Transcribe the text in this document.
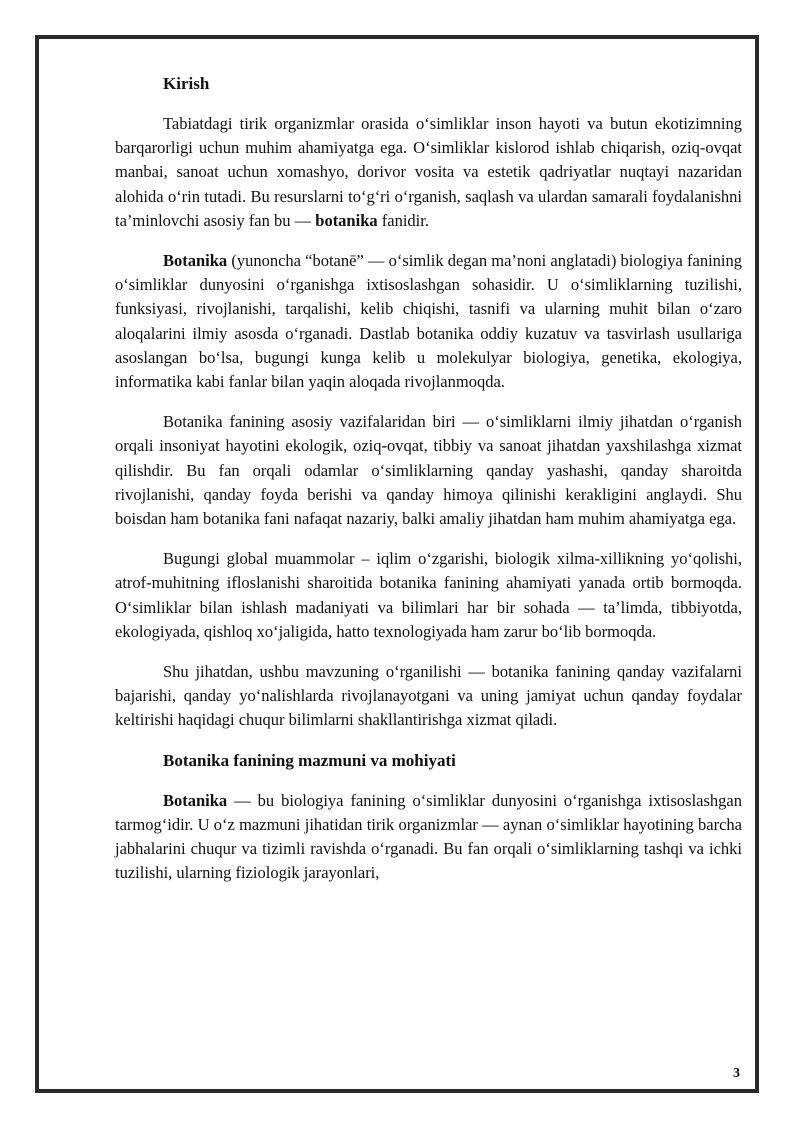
Kirish

Tabiatdagi tirik organizmlar orasida o‘simliklar inson hayoti va butun ekotizimning barqarorligi uchun muhim ahamiyatga ega. O‘simliklar kislorod ishlab chiqarish, oziq-ovqat manbai, sanoat uchun xomashyo, dorivor vosita va estetik qadriyatlar nuqtayi nazaridan alohida o‘rin tutadi. Bu resurslarni to‘g‘ri o‘rganish, saqlash va ulardan samarali foydalanishni ta’minlovchi asosiy fan bu — botanika fanidir.

Botanika (yunoncha “botanē” — o‘simlik degan ma’noni anglatadi) biologiya fanining o‘simliklar dunyosini o‘rganishga ixtisoslashgan sohasidir. U o‘simliklarning tuzilishi, funksiyasi, rivojlanishi, tarqalishi, kelib chiqishi, tasnifi va ularning muhit bilan o‘zaro aloqalarini ilmiy asosda o‘rganadi. Dastlab botanika oddiy kuzatuv va tasvirlash usullariga asoslangan bo‘lsa, bugungi kunga kelib u molekulyar biologiya, genetika, ekologiya, informatika kabi fanlar bilan yaqin aloqada rivojlanmoqda.

Botanika fanining asosiy vazifalaridan biri — o‘simliklarni ilmiy jihatdan o‘rganish orqali insoniyat hayotini ekologik, oziq-ovqat, tibbiy va sanoat jihatdan yaxshilashga xizmat qilishdir. Bu fan orqali odamlar o‘simliklarning qanday yashashi, qanday sharoitda rivojlanishi, qanday foyda berishi va qanday himoya qilinishi kerakligini anglaydi. Shu boisdan ham botanika fani nafaqat nazariy, balki amaliy jihatdan ham muhim ahamiyatga ega.

Bugungi global muammolar – iqlim o‘zgarishi, biologik xilma-xillikning yo‘qolishi, atrof-muhitning ifloslanishi sharoitida botanika fanining ahamiyati yanada ortib bormoqda. O‘simliklar bilan ishlash madaniyati va bilimlari har bir sohada — ta’limda, tibbiyotda, ekologiyada, qishloq xo‘jaligida, hatto texnologiyada ham zarur bo‘lib bormoqda.

Shu jihatdan, ushbu mavzuning o‘rganilishi — botanika fanining qanday vazifalarni bajarishi, qanday yo‘nalishlarda rivojlanayotgani va uning jamiyat uchun qanday foydalar keltirishi haqidagi chuqur bilimlarni shakllantirishga xizmat qiladi.

Botanika fanining mazmuni va mohiyati

Botanika — bu biologiya fanining o‘simliklar dunyosini o‘rganishga ixtisoslashgan tarmog‘idir. U o‘z mazmuni jihatidan tirik organizmlar — aynan o‘simliklar hayotining barcha jabhalarini chuqur va tizimli ravishda o‘rganadi. Bu fan orqali o‘simliklarning tashqi va ichki tuzilishi, ularning fiziologik jarayonlari,

3
